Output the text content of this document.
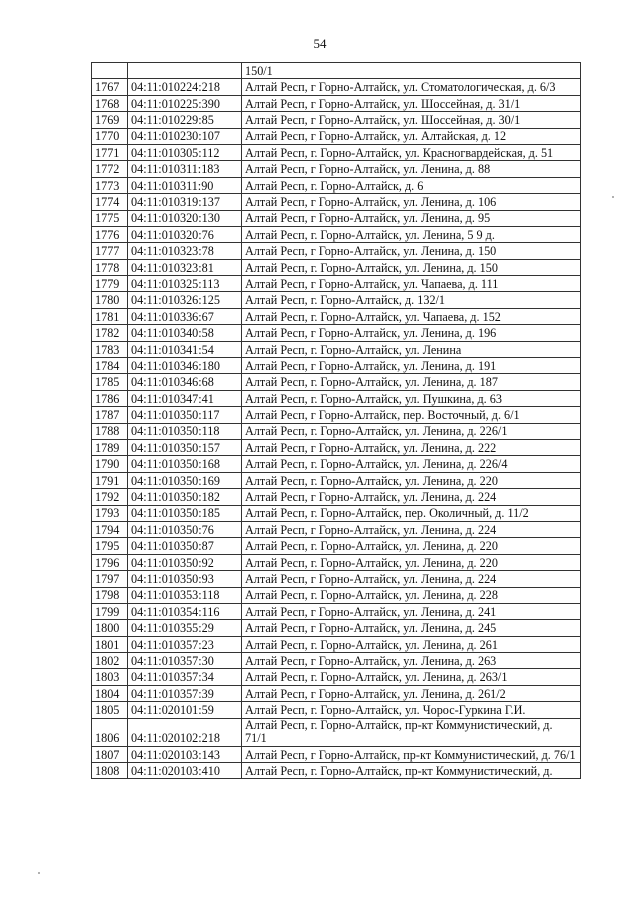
54
		150/1
1767	04:11:010224:218	Алтай Респ, г Горно-Алтайск, ул. Стоматологическая, д. 6/3
1768	04:11:010225:390	Алтай Респ, г Горно-Алтайск, ул. Шоссейная, д. 31/1
1769	04:11:010229:85	Алтай Респ, г Горно-Алтайск, ул. Шоссейная, д. 30/1
1770	04:11:010230:107	Алтай Респ, г Горно-Алтайск, ул. Алтайская, д. 12
1771	04:11:010305:112	Алтай Респ, г. Горно-Алтайск, ул. Красногвардейская, д. 51
1772	04:11:010311:183	Алтай Респ, г Горно-Алтайск, ул. Ленина, д. 88
1773	04:11:010311:90	Алтай Респ, г. Горно-Алтайск, д. 6
1774	04:11:010319:137	Алтай Респ, г Горно-Алтайск, ул. Ленина, д. 106
1775	04:11:010320:130	Алтай Респ, г Горно-Алтайск, ул. Ленина, д. 95
1776	04:11:010320:76	Алтай Респ, г. Горно-Алтайск, ул. Ленина, 5 9 д.
1777	04:11:010323:78	Алтай Респ, г Горно-Алтайск, ул. Ленина, д. 150
1778	04:11:010323:81	Алтай Респ, г. Горно-Алтайск, ул. Ленина, д. 150
1779	04:11:010325:113	Алтай Респ, г Горно-Алтайск, ул. Чапаева, д. 111
1780	04:11:010326:125	Алтай Респ, г. Горно-Алтайск, д. 132/1
1781	04:11:010336:67	Алтай Респ, г. Горно-Алтайск, ул. Чапаева, д. 152
1782	04:11:010340:58	Алтай Респ, г Горно-Алтайск, ул. Ленина, д. 196
1783	04:11:010341:54	Алтай Респ, г. Горно-Алтайск, ул. Ленина
1784	04:11:010346:180	Алтай Респ, г Горно-Алтайск, ул. Ленина, д. 191
1785	04:11:010346:68	Алтай Респ, г. Горно-Алтайск, ул. Ленина, д. 187
1786	04:11:010347:41	Алтай Респ, г. Горно-Алтайск, ул. Пушкина, д. 63
1787	04:11:010350:117	Алтай Респ, г Горно-Алтайск, пер. Восточный, д. 6/1
1788	04:11:010350:118	Алтай Респ, г. Горно-Алтайск, ул. Ленина, д. 226/1
1789	04:11:010350:157	Алтай Респ, г Горно-Алтайск, ул. Ленина, д. 222
1790	04:11:010350:168	Алтай Респ, г. Горно-Алтайск, ул. Ленина, д. 226/4
1791	04:11:010350:169	Алтай Респ, г. Горно-Алтайск, ул. Ленина, д. 220
1792	04:11:010350:182	Алтай Респ, г Горно-Алтайск, ул. Ленина, д. 224
1793	04:11:010350:185	Алтай Респ, г. Горно-Алтайск, пер. Околичный, д. 11/2
1794	04:11:010350:76	Алтай Респ, г Горно-Алтайск, ул. Ленина, д. 224
1795	04:11:010350:87	Алтай Респ, г. Горно-Алтайск, ул. Ленина, д. 220
1796	04:11:010350:92	Алтай Респ, г. Горно-Алтайск, ул. Ленина, д. 220
1797	04:11:010350:93	Алтай Респ, г Горно-Алтайск, ул. Ленина, д. 224
1798	04:11:010353:118	Алтай Респ, г. Горно-Алтайск, ул. Ленина, д. 228
1799	04:11:010354:116	Алтай Респ, г Горно-Алтайск, ул. Ленина, д. 241
1800	04:11:010355:29	Алтай Респ, г Горно-Алтайск, ул. Ленина, д. 245
1801	04:11:010357:23	Алтай Респ, г. Горно-Алтайск, ул. Ленина, д. 261
1802	04:11:010357:30	Алтай Респ, г Горно-Алтайск, ул. Ленина, д. 263
1803	04:11:010357:34	Алтай Респ, г. Горно-Алтайск, ул. Ленина, д. 263/1
1804	04:11:010357:39	Алтай Респ, г Горно-Алтайск, ул. Ленина, д. 261/2
1805	04:11:020101:59	Алтай Респ, г. Горно-Алтайск, ул. Чорос-Гуркина Г.И.
1806	04:11:020102:218	Алтай Респ, г. Горно-Алтайск, пр-кт Коммунистический, д. 71/1
1807	04:11:020103:143	Алтай Респ, г Горно-Алтайск, пр-кт Коммунистический, д. 76/1
1808	04:11:020103:410	Алтай Респ, г. Горно-Алтайск, пр-кт Коммунистический, д.
